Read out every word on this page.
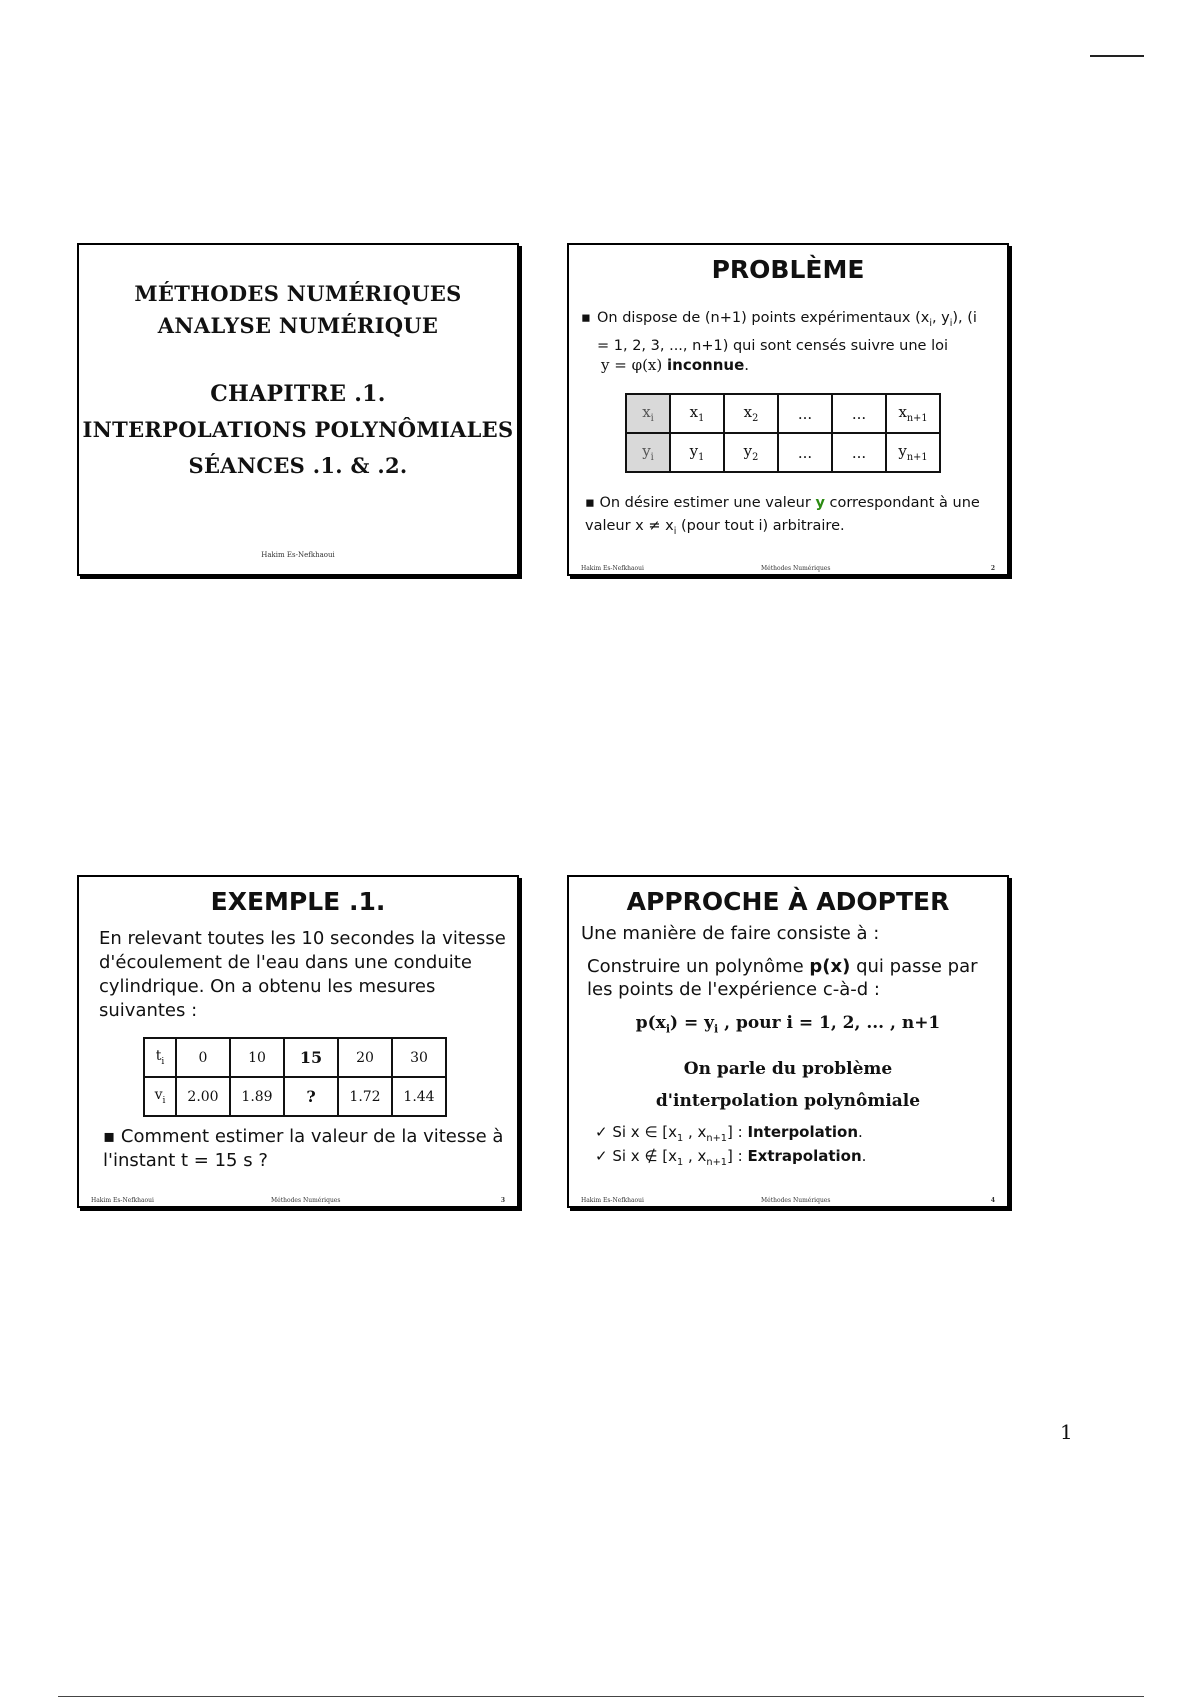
MÉTHODES NUMÉRIQUES
ANALYSE NUMÉRIQUE
CHAPITRE .1.
INTERPOLATIONS POLYNÔMIALES
SÉANCES .1. & .2.
Hakim Es-Nefkhaoui
PROBLÈME
▪ On dispose de (n+1) points expérimentaux ($x_i$, $y_i$), (i = 1, 2, 3, ..., n+1) qui sont censés suivre une loi
y = φ(x) inconnue.
$x_i$	$x_1$	$x_2$	...	...	$x_{n+1}$
$y_i$	$y_1$	$y_2$	...	...	$y_{n+1}$
▪ On désire estimer une valeur y correspondant à une valeur $x \ne x_i$ (pour tout i) arbitraire.
Hakim Es-Nefkhaoui	Méthodes Numériques	2
EXEMPLE .1.
En relevant toutes les 10 secondes la vitesse d'écoulement de l'eau dans une conduite cylindrique. On a obtenu les mesures suivantes :
$t_i$	0	10	15	20	30
$v_i$	2.00	1.89	?	1.72	1.44
▪ Comment estimer la valeur de la vitesse à l'instant t = 15 s ?
Hakim Es-Nefkhaoui	Méthodes Numériques	3
APPROCHE À ADOPTER
Une manière de faire consiste à :
Construire un polynôme p(x) qui passe par les points de l'expérience c-à-d :
$p(x_i) = y_i$ , pour i = 1, 2, ... , n+1
On parle du problème
d'interpolation polynômiale
✓ Si x ∈ [$x_1$ , $x_{n+1}$] : Interpolation.
✓ Si x ∉ [$x_1$ , $x_{n+1}$] : Extrapolation.
Hakim Es-Nefkhaoui	Méthodes Numériques	4
1
